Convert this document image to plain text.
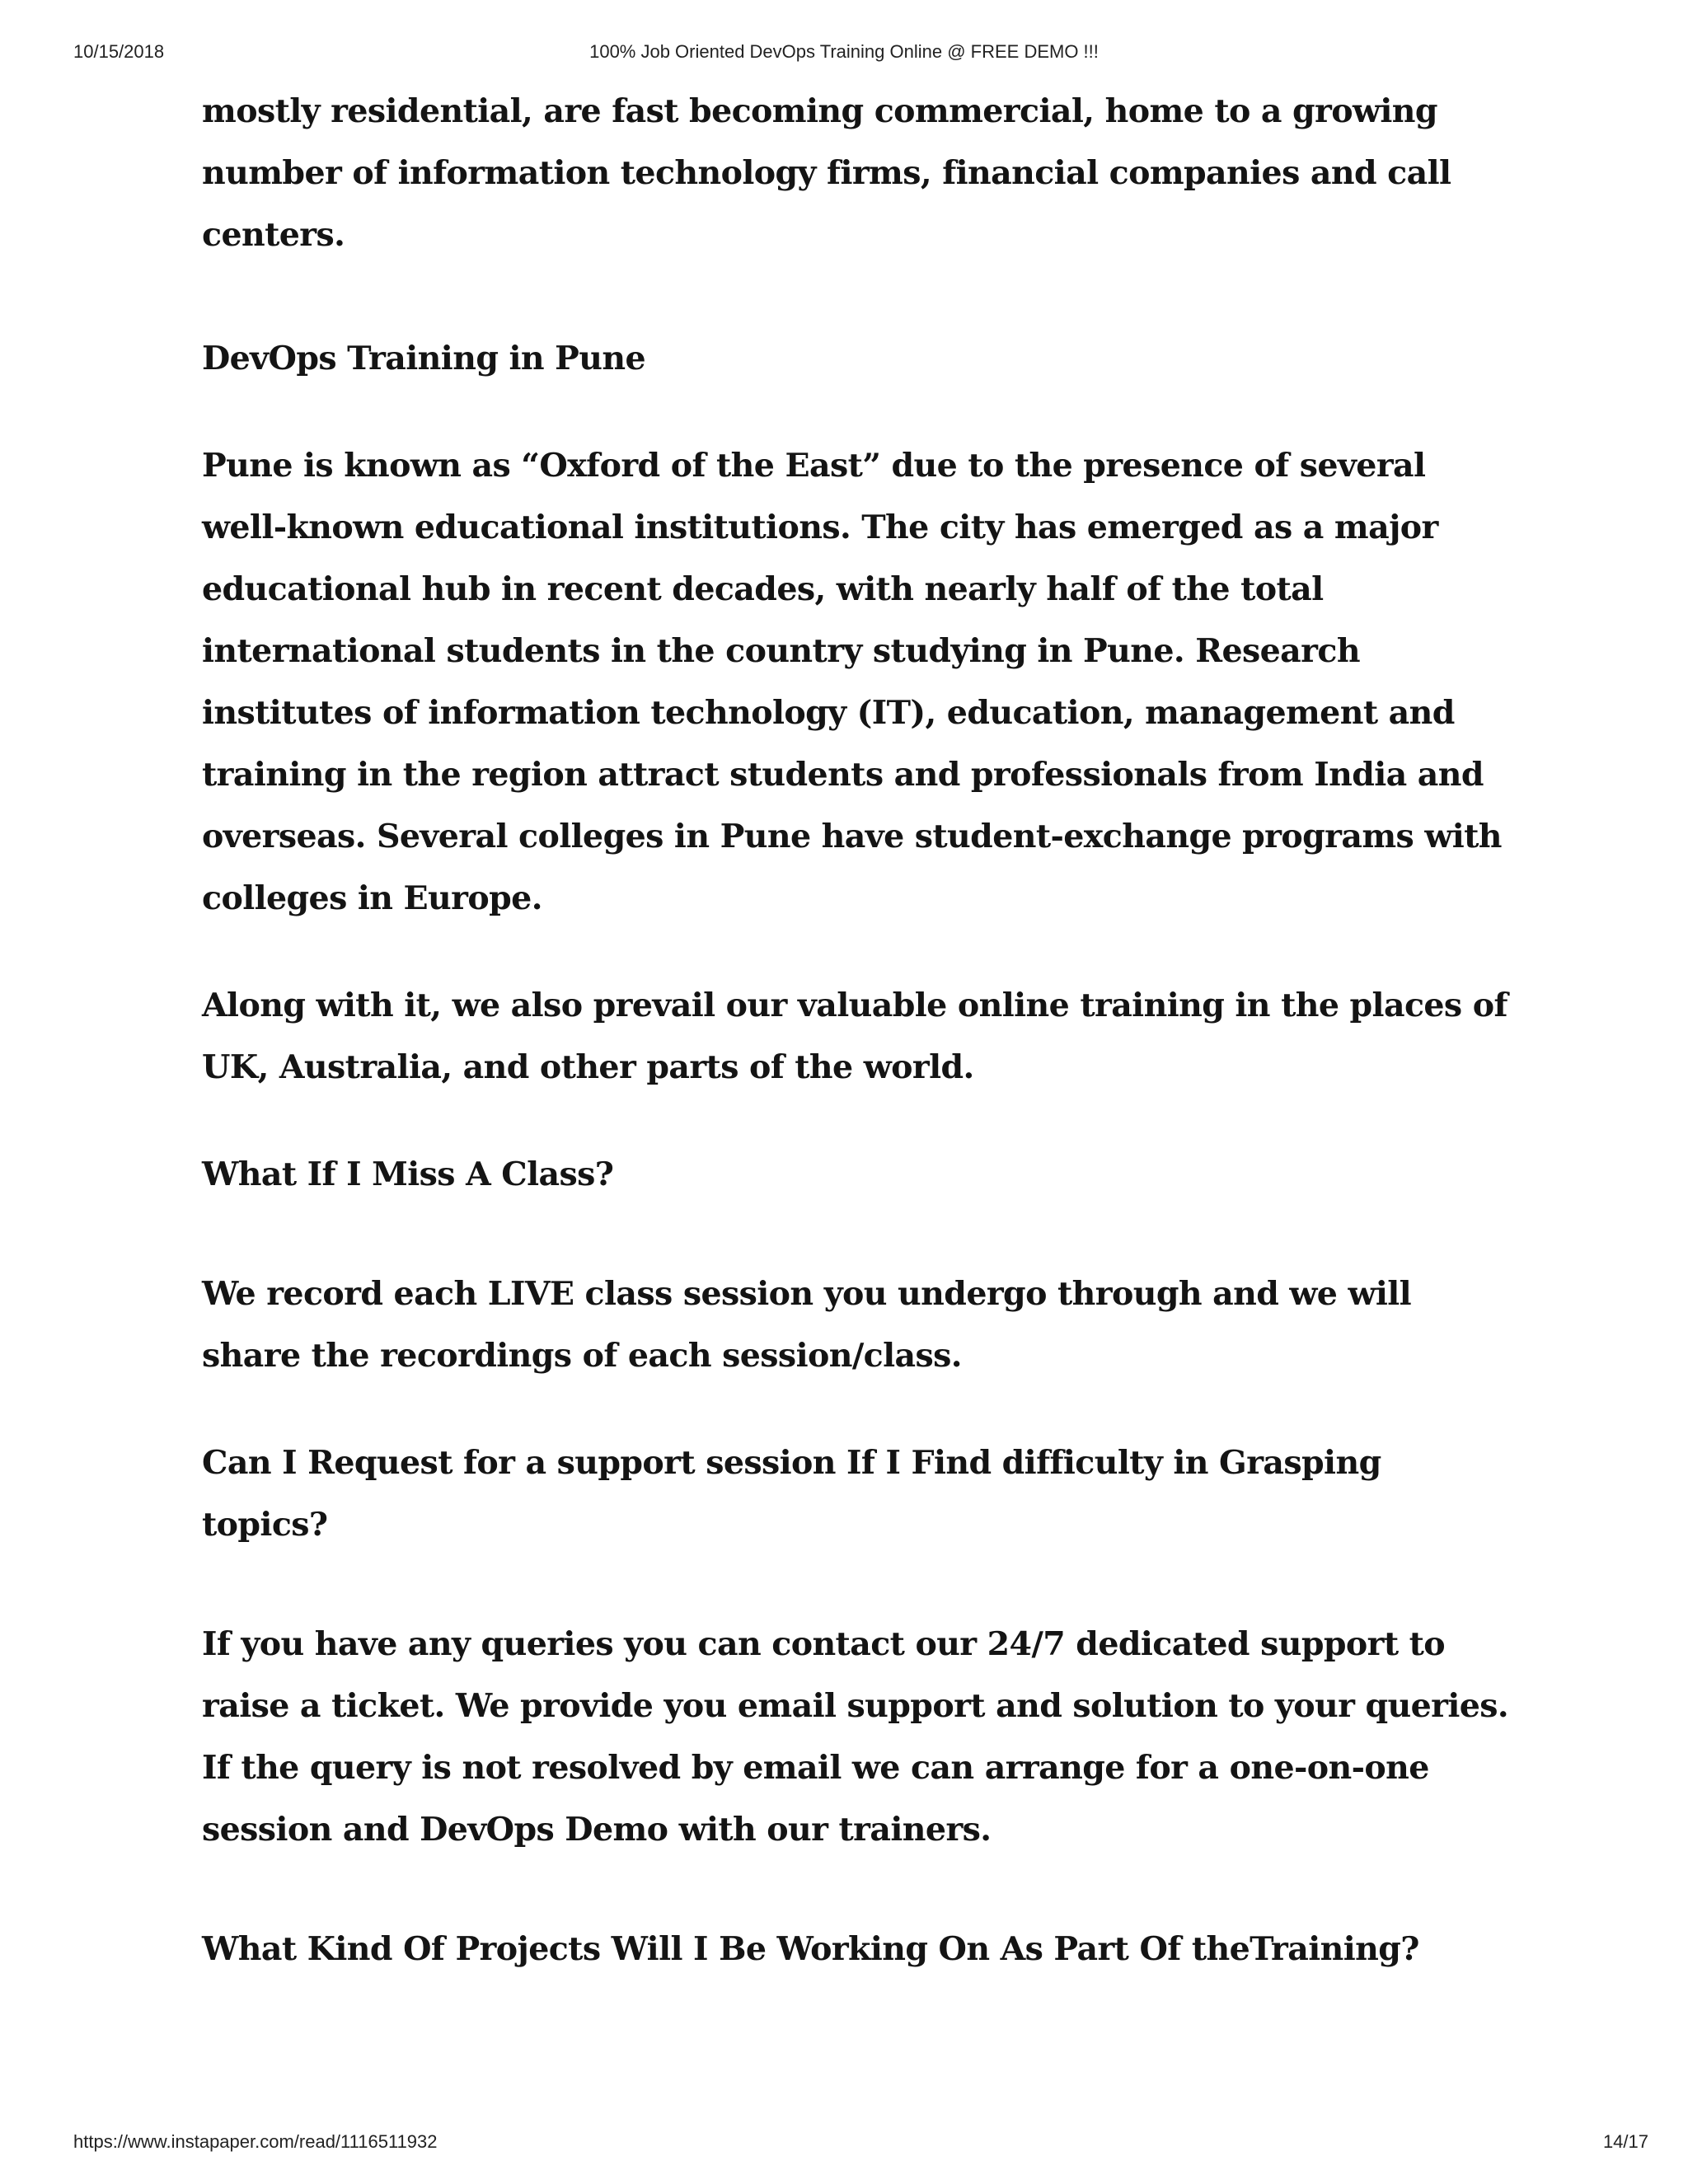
10/15/2018	100% Job Oriented DevOps Training Online @ FREE DEMO !!!

mostly residential, are fast becoming commercial, home to a growing number of information technology firms, financial companies and call centers.

DevOps Training in Pune

Pune is known as “Oxford of the East” due to the presence of several well-known educational institutions. The city has emerged as a major educational hub in recent decades, with nearly half of the total international students in the country studying in Pune. Research institutes of information technology (IT), education, management and training in the region attract students and professionals from India and overseas. Several colleges in Pune have student-exchange programs with colleges in Europe.

Along with it, we also prevail our valuable online training in the places of UK, Australia, and other parts of the world.

What If I Miss A Class?

We record each LIVE class session you undergo through and we will share the recordings of each session/class.

Can I Request for a support session If I Find difficulty in Grasping topics?

If you have any queries you can contact our 24/7 dedicated support to raise a ticket. We provide you email support and solution to your queries. If the query is not resolved by email we can arrange for a one-on-one session and DevOps Demo with our trainers.

What Kind Of Projects Will I Be Working On As Part Of theTraining?
https://www.instapaper.com/read/1116511932	14/17
